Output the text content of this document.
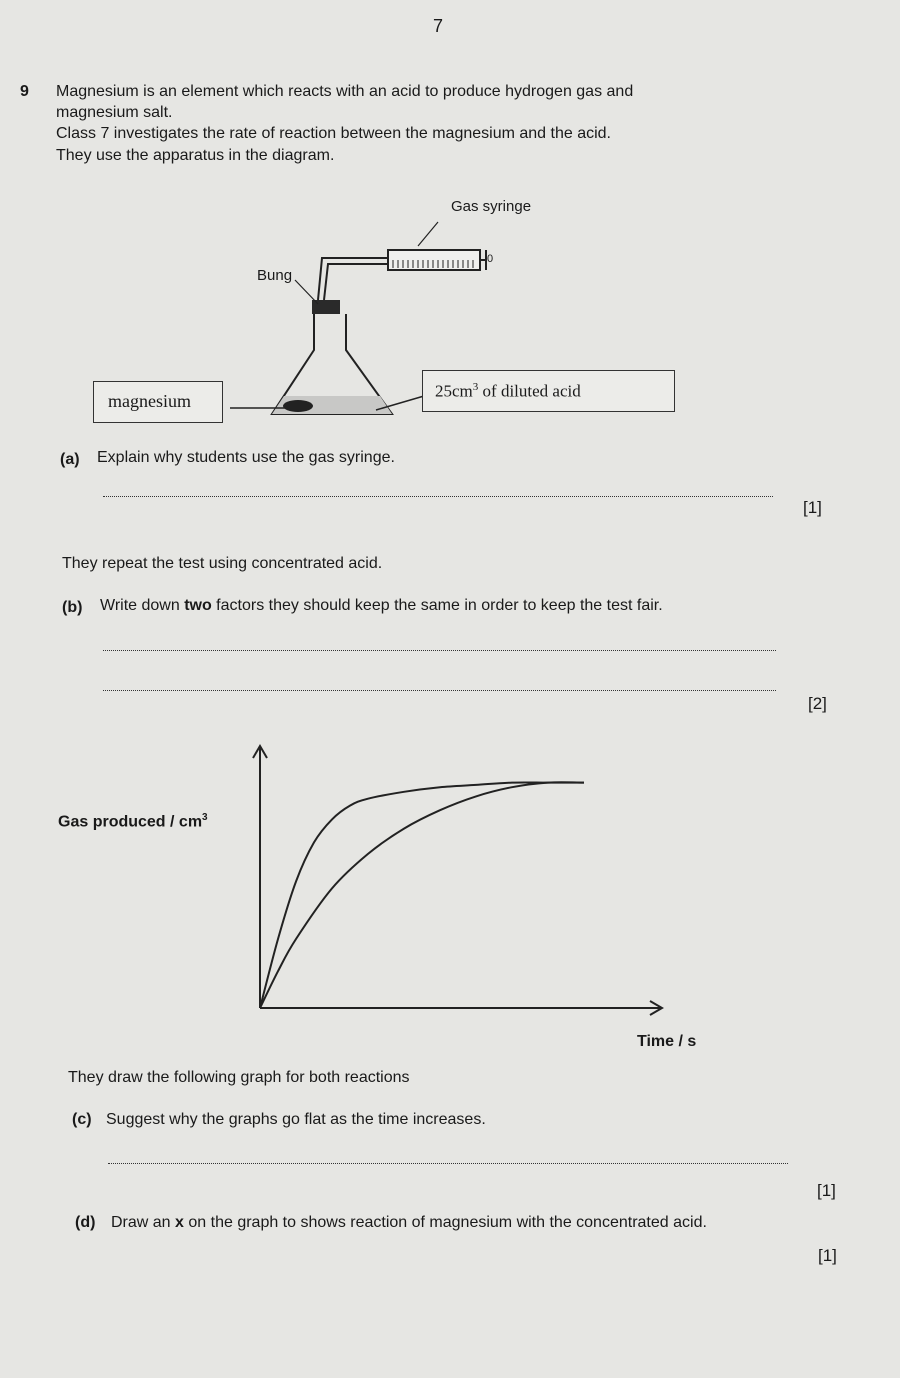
7
9 Magnesium is an element which reacts with an acid to produce hydrogen gas and
magnesium salt.
Class 7 investigates the rate of reaction between the magnesium and the acid.
They use the apparatus in the diagram.
0
Gas syringe
Bung
magnesium	$25cm^3$ of diluted acid
(a) Explain why students use the gas syringe.
[1]
They repeat the test using concentrated acid.
(b) Write down two factors they should keep the same in order to keep the test fair.
[2]
Gas produced / $cm^3$
Time / s
They draw the following graph for both reactions
(c) Suggest why the graphs go flat as the time increases.
[1]
(d) Draw an x on the graph to shows reaction of magnesium with the concentrated acid.
[1]
